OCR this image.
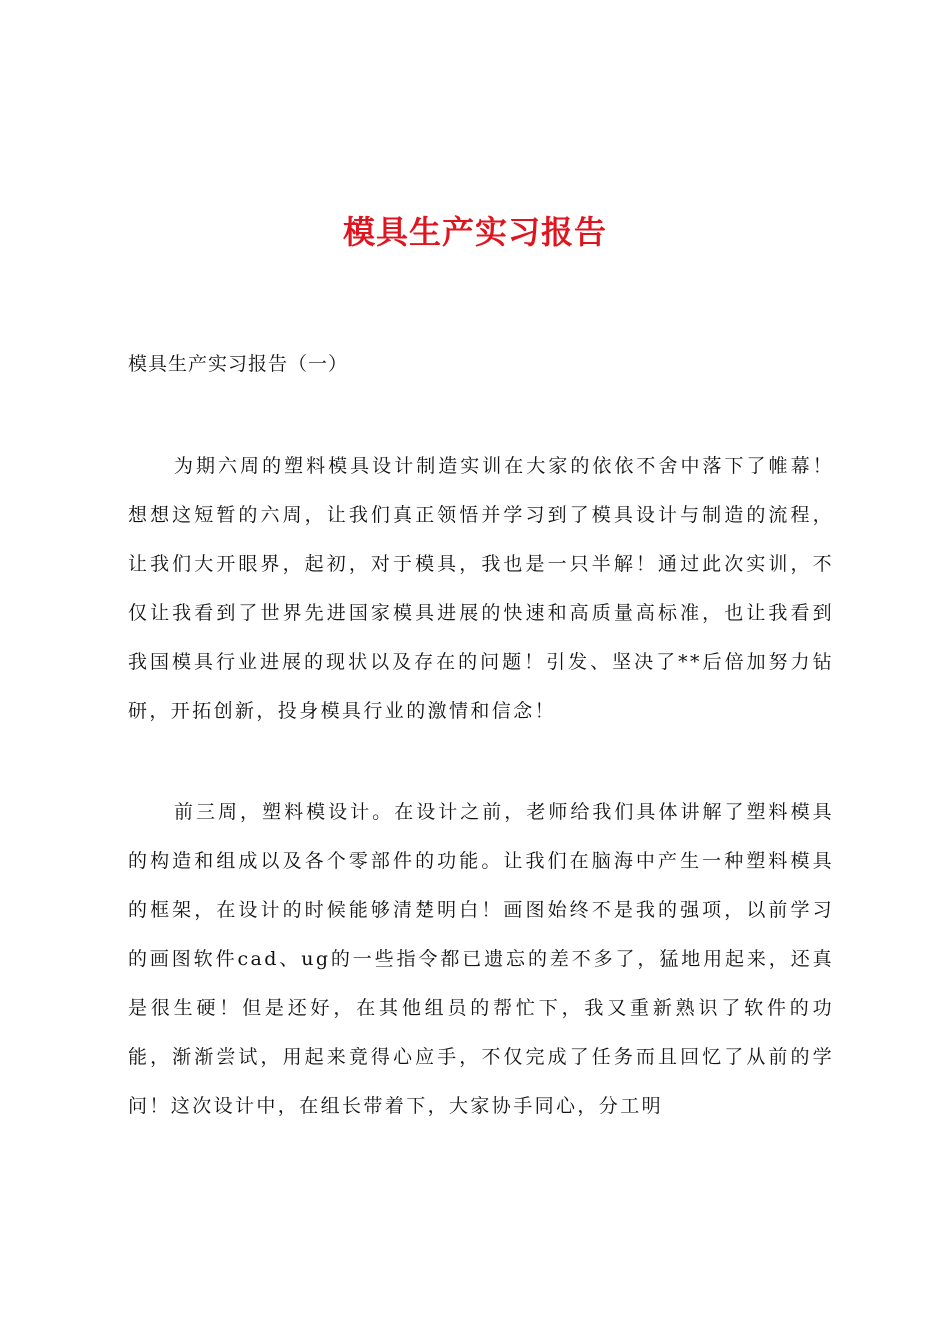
模具生产实习报告
模具生产实习报告（一）

为期六周的塑料模具设计制造实训在大家的依依不舍中落下了帷幕！想想这短暂的六周，让我们真正领悟并学习到了模具设计与制造的流程，让我们大开眼界，起初，对于模具，我也是一只半解！通过此次实训，不仅让我看到了世界先进国家模具进展的快速和高质量高标准，也让我看到我国模具行业进展的现状以及存在的问题！引发、坚决了**后倍加努力钻研，开拓创新，投身模具行业的激情和信念！

前三周，塑料模设计。在设计之前，老师给我们具体讲解了塑料模具的构造和组成以及各个零部件的功能。让我们在脑海中产生一种塑料模具的框架，在设计的时候能够清楚明白！画图始终不是我的强项，以前学习的画图软件cad、ug的一些指令都已遗忘的差不多了，猛地用起来，还真是很生硬！但是还好，在其他组员的帮忙下，我又重新熟识了软件的功能，渐渐尝试，用起来竟得心应手，不仅完成了任务而且回忆了从前的学问！这次设计中，在组长带着下，大家协手同心，分工明
